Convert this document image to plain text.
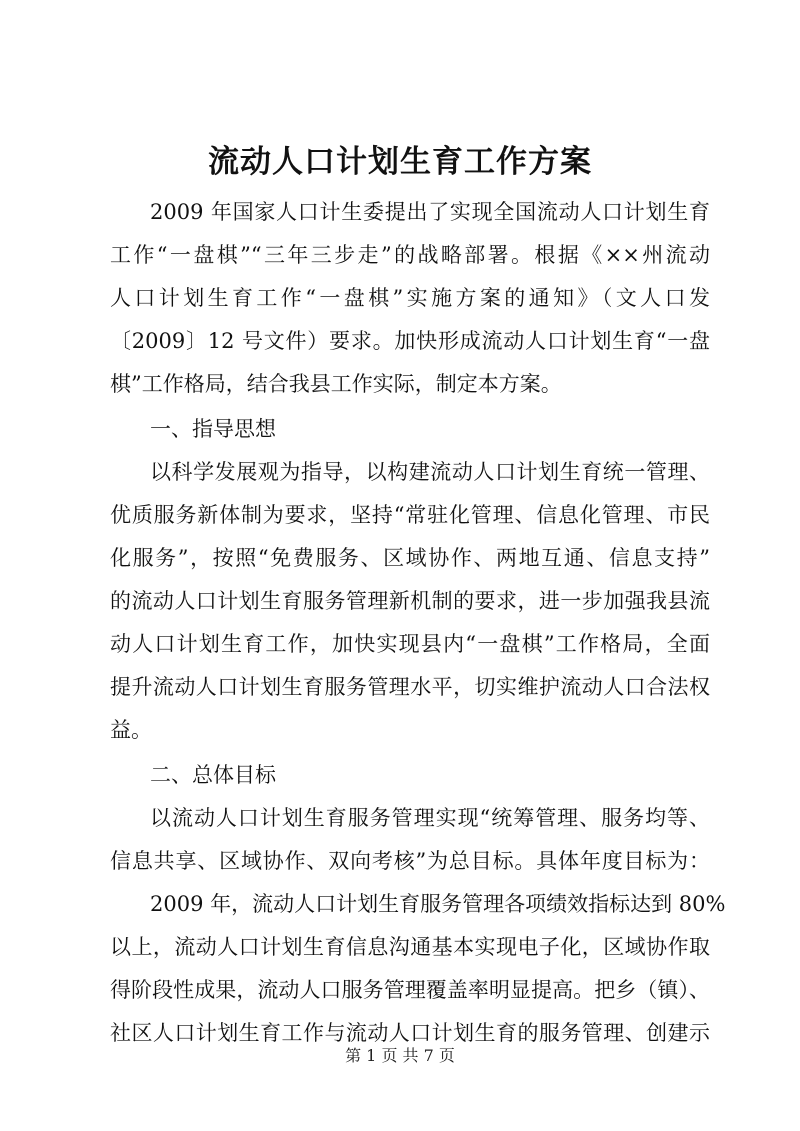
流动人口计划生育工作方案
2009 年国家人口计生委提出了实现全国流动人口计划生育
工作“一盘棋”“三年三步走”的战略部署。根据《××州流动
人口计划生育工作“一盘棋”实施方案的通知》（文人口发
〔2009〕12 号文件）要求。加快形成流动人口计划生育“一盘
棋”工作格局，结合我县工作实际，制定本方案。
一、指导思想
以科学发展观为指导，以构建流动人口计划生育统一管理、
优质服务新体制为要求，坚持“常驻化管理、信息化管理、市民
化服务”，按照“免费服务、区域协作、两地互通、信息支持”
的流动人口计划生育服务管理新机制的要求，进一步加强我县流
动人口计划生育工作，加快实现县内“一盘棋”工作格局，全面
提升流动人口计划生育服务管理水平，切实维护流动人口合法权
益。
二、总体目标
以流动人口计划生育服务管理实现“统筹管理、服务均等、
信息共享、区域协作、双向考核”为总目标。具体年度目标为：
2009 年，流动人口计划生育服务管理各项绩效指标达到 80%
以上，流动人口计划生育信息沟通基本实现电子化，区域协作取
得阶段性成果，流动人口服务管理覆盖率明显提高。把乡（镇）、
社区人口计划生育工作与流动人口计划生育的服务管理、创建示
第 1 页 共 7 页
